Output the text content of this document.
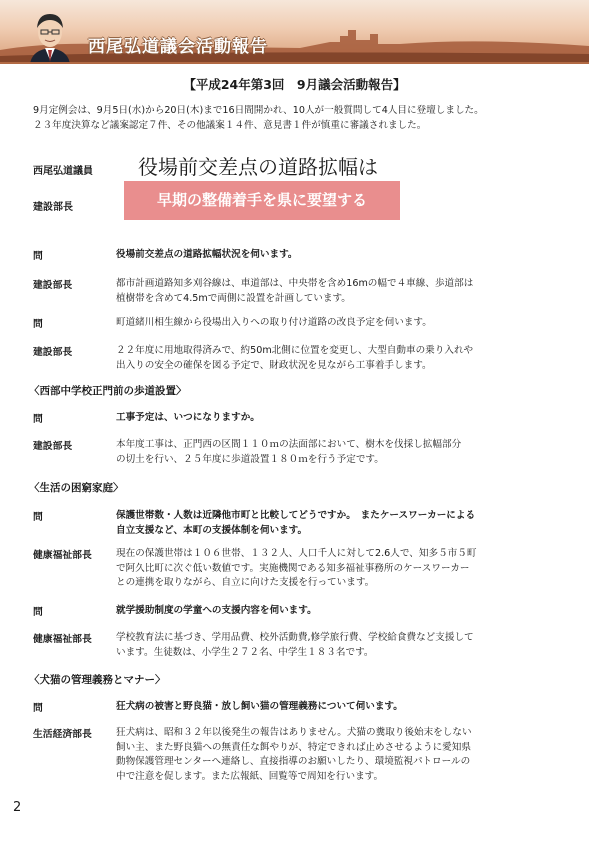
西尾弘道議会活動報告
【平成24年第3回　9月議会活動報告】
9月定例会は、9月5日(水)から20日(木)まで16日間開かれ、10人が一般質問して4人目に登壇しました。
２３年度決算など議案認定７件、その他議案１４件、意見書１件が慎重に審議されました。
西尾弘道議員 役場前交差点の道路拡幅は
建設部長	早期の整備着手を県に要望する
問	役場前交差点の道路拡幅状況を伺います。
建設部長	都市計画道路知多刈谷線は、車道部は、中央帯を含め16mの幅で４車線、歩道部は
植樹帯を含めて4.5mで両側に設置を計画しています。
問	町道緒川相生線から役場出入りへの取り付け道路の改良予定を伺います。
建設部長	２２年度に用地取得済みで、約50m北側に位置を変更し、大型自動車の乗り入れや
出入りの安全の確保を図る予定で、財政状況を見ながら工事着手します。
〈西部中学校正門前の歩道設置〉
問	工事予定は、いつになりますか。
建設部長	本年度工事は、正門西の区間１１０ｍの法面部において、樹木を伐採し拡幅部分
の切土を行い、２５年度に歩道設置１８０ｍを行う予定です。
〈生活の困窮家庭〉
問	保護世帯数・人数は近隣他市町と比較してどうですか。　またケースワーカーによる
自立支援など、本町の支援体制を伺います。
健康福祉部長	現在の保護世帯は１０６世帯、１３２人、人口千人に対して2.6人で、知多５市５町
で阿久比町に次ぐ低い数値です。実施機関である知多福祉事務所のケースワーカー
との連携を取りながら、自立に向けた支援を行っています。
問	就学援助制度の学童への支援内容を伺います。
健康福祉部長	学校教育法に基づき、学用品費、校外活動費,修学旅行費、学校給食費など支援して
います。生徒数は、小学生２７２名、中学生１８３名です。
〈犬猫の管理義務とマナー〉
問	狂犬病の被害と野良猫・放し飼い猫の管理義務について伺います。
生活経済部長	狂犬病は、昭和３２年以後発生の報告はありません。犬猫の糞取り後始末をしない
飼い主、また野良猫への無責任な餌やりが、特定できれば止めさせるように愛知県
動物保護管理センターへ連絡し、直接指導のお願いしたり、環境監視パトロールの
中で注意を促します。また広報紙、回覧等で周知を行います。
2
